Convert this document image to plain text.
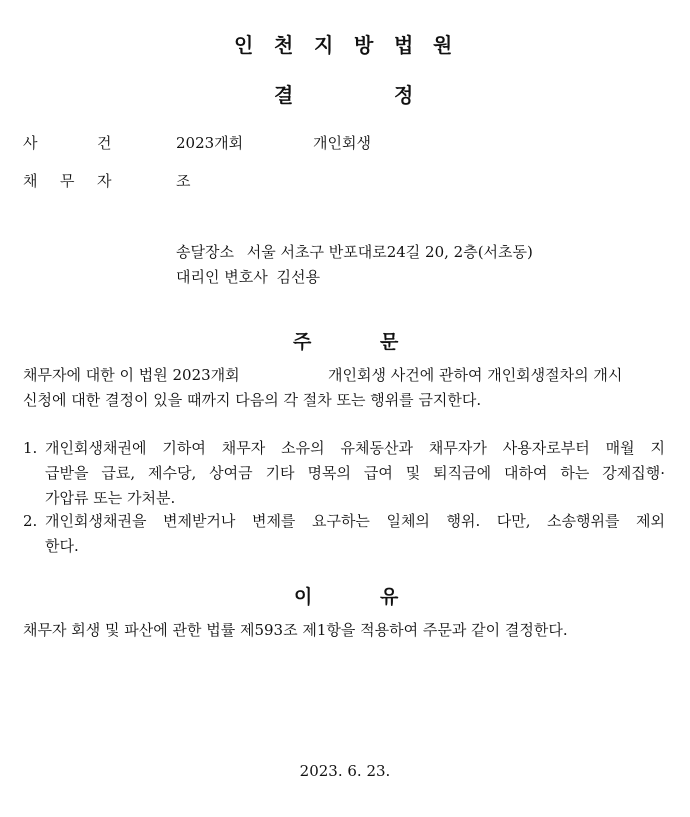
인 천 지 방 법 원
결	정
사	건	2023개회	개인회생
채 무 자	조
송달장소 서울 서초구 반포대로24길 20, 2층(서초동)
대리인 변호사 김선용
주	문
채무자에 대한 이 법원 2023개회	개인회생 사건에 관하여 개인회생절차의 개시
신청에 대한 결정이 있을 때까지 다음의 각 절차 또는 행위를 금지한다.
1. 개인회생채권에 기하여 채무자 소유의 유체동산과 채무자가 사용자로부터 매월 지
급받을 급료, 제수당, 상여금 기타 명목의 급여 및 퇴직금에 대하여 하는 강제집행·
가압류 또는 가처분.
2. 개인회생채권을 변제받거나 변제를 요구하는 일체의 행위. 다만, 소송행위를 제외
한다.
이	유
채무자 회생 및 파산에 관한 법률 제593조 제1항을 적용하여 주문과 같이 결정한다.
2023. 6. 23.
